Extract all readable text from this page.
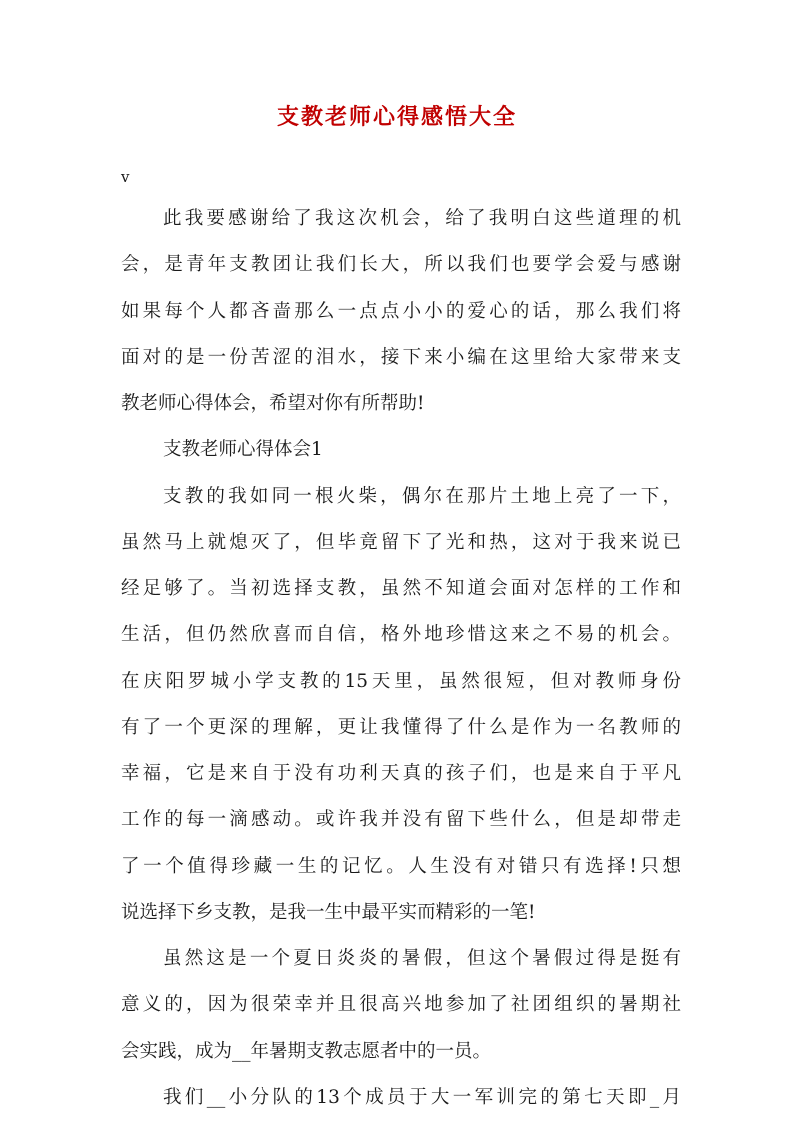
支教老师心得感悟大全
v
此我要感谢给了我这次机会，给了我明白这些道理的机
会，是青年支教团让我们长大，所以我们也要学会爱与感谢
如果每个人都吝啬那么一点点小小的爱心的话，那么我们将
面对的是一份苦涩的泪水，接下来小编在这里给大家带来支
教老师心得体会，希望对你有所帮助!
支教老师心得体会1
支教的我如同一根火柴，偶尔在那片土地上亮了一下，
虽然马上就熄灭了，但毕竟留下了光和热，这对于我来说已
经足够了。当初选择支教，虽然不知道会面对怎样的工作和
生活，但仍然欣喜而自信，格外地珍惜这来之不易的机会。
在庆阳罗城小学支教的15天里，虽然很短，但对教师身份
有了一个更深的理解，更让我懂得了什么是作为一名教师的
幸福，它是来自于没有功利天真的孩子们，也是来自于平凡
工作的每一滴感动。或许我并没有留下些什么，但是却带走
了一个值得珍藏一生的记忆。人生没有对错只有选择!只想
说选择下乡支教，是我一生中最平实而精彩的一笔!
虽然这是一个夏日炎炎的暑假，但这个暑假过得是挺有
意义的，因为很荣幸并且很高兴地参加了社团组织的暑期社
会实践，成为__年暑期支教志愿者中的一员。
我们__小分队的13个成员于大一军训完的第七天即_月
